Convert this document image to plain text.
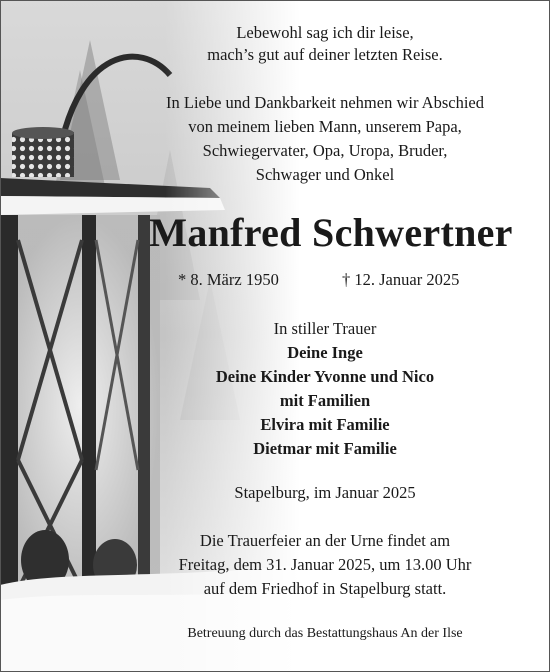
Lebewohl sag ich dir leise,
mach’s gut auf deiner letzten Reise.
In Liebe und Dankbarkeit nehmen wir Abschied
von meinem lieben Mann, unserem Papa,
Schwiegervater, Opa, Uropa, Bruder,
Schwager und Onkel
Manfred Schwertner
* 8. März 1950	† 12. Januar 2025
In stiller Trauer
Deine Inge
Deine Kinder Yvonne und Nico
mit Familien
Elvira mit Familie
Dietmar mit Familie
Stapelburg, im Januar 2025
Die Trauerfeier an der Urne findet am
Freitag, dem 31. Januar 2025, um 13.00 Uhr
auf dem Friedhof in Stapelburg statt.
Betreuung durch das Bestattungshaus An der Ilse
